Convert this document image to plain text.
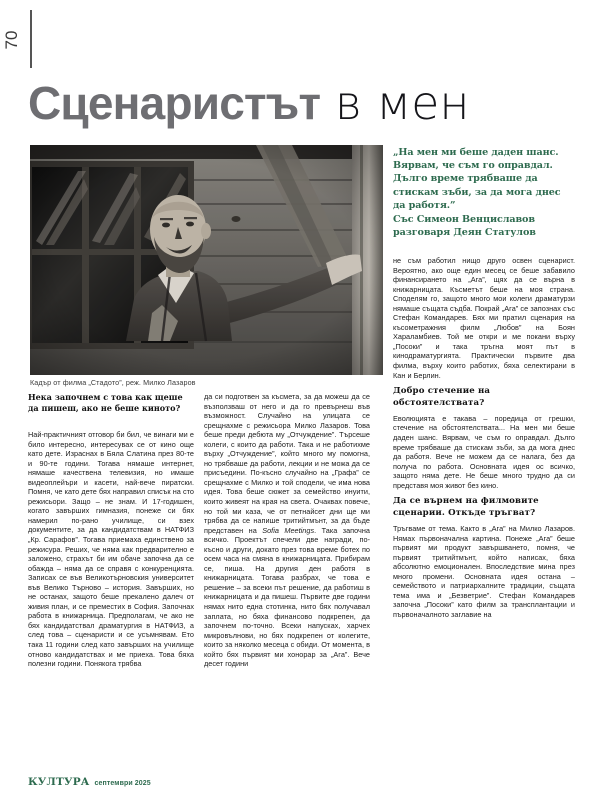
70
Сценаристът в мен
Кадър от филма „Стадото”, реж. Милко Лазаров
„На мен ми беше даден шанс. Вярвам, че съм го оправдал. Дълго време трябваше да стискам зъби, за да мога днес да работя.”
Със Симеон Венциславов разговаря Деян Статулов
Нека започнем с това как щеше да пишеш, ако не беше киното?

Най-практичният отговор би бил, че винаги ми е било интересно, интересувах се от кино още като дете. Израснах в Бяла Слатина през 80-те и 90-те години. Тогава нямаше интернет, нямаше качествена телевизия, но имаше видеоплейъри и касети, най-вече пиратски. Помня, че като дете бях направил списък на сто режисьори. Защо – не знам. И 17-годишен, когато завърших гимназия, понеже си бях намерил по-рано училище, си взех документите, за да кандидатствам в НАТФИЗ „Кр. Сарафов”. Тогава приемаха единствено за режисура. Реших, че няма как предварително е заложено, страхът би им обаче започна да се обажда – няма да се справя с конкуренцията. Записах се във Великотърновския университет във Велико Търново – история. Завърших, но не останах, защото беше прекалено далеч от живия план, и се преместих в София. Започнах работа в книжарница. Предполагам, че ако не бях кандидатствал драматургия в НАТФИЗ, а след това – сценаристи и се усъмнявам. Ето така 11 години след като завърших на училище отново кандидатствах и ме приеха. Това бяха полезни години. Понякога трябва

да си подготвен за късмета, за да можеш да се възползваш от него и да го превърнеш във възможност. Случайно на улицата се срещнахме с режисьора Милко Лазаров. Това беше преди дебюта му „Отчуждение”. Търсеше колеги, с които да работи. Така и не работихме върху „Отчуждение”, който много му помогна, но трябваше да работи, лекции и не можа да се присъедини. По-късно случайно на „Графа” се срещнахме с Милко и той сподели, че има нова идея. Това беше сюжет за семейство инуити, които живеят на края на света. Очаквах повече, но той ми каза, че от петнайсет дни ще ми трябва да се напише тритийтмънт, за да бъде представен на Sofia Meetings. Така започна всичко. Проектът спечели две награди, по-късно и други, докато през това време ботех по осем часа на смяна в книжарницата. Прибирам се, пиша. На другия ден работя в книжарницата. Тогава разбрах, че това е решение – за всеки път решение, да работиш в книжарницата и да пишеш. Първите две години нямах нито една стотинка, нито бях получавал заплата, но бяха финансово подкрепен, да започнем по-точно. Всеки напусках, харчех микровълнови, но бях подкрепен от колегите, които за няколко месеца с обиди. От момента, в който бях първият ми хонорар за „Ага”. Вече десет години

не съм работил нищо друго освен сценарист. Вероятно, ако още един месец се беше забавило финансирането на „Ага”, щях да се върна в книжарницата. Късметът беше на моя страна. Споделям го, защото много мои колеги драматурзи нямаше същата съдба. Покрай „Ага” се запознах със Стефан Командарев. Бях ми пратил сценария на късометражния филм „Любов” на Боян Хараламбиев. Той ме откри и ме покани върху „Посоки” и така тръгна моят път в кинодраматургията. Практически първите два филма, върху които работих, бяха селектирани в Кан и Берлин.

Добро стечение на обстоятелствата?

Еволюцията е такава – поредица от грешки, стечение на обстоятелствата... На мен ми беше даден шанс. Вярвам, че съм го оправдал. Дълго време трябваше да стискам зъби, за да мога днес да работя. Вече не можем да се налага, без да получа по работа. Основната идея ос всичко, защото няма дете. Не беше много трудно да си представя моя живот без кино.

Да се върнем на филмовите сценарии. Откъде тръгват?

Тръгваме от тема. Както в „Ага” на Милко Лазаров. Нямах първоначална картина. Понеже „Ага” беше първият ми продукт завършването, помня, че първият тритийтмънт, който написах, бяха абсолютно емоционален. Впоследствие мина през много промени. Основната идея остана – семейството и патриархалните традиции, същата тема има и „Безветрие”. Стефан Командарев започна „Посоки” като филм за трансплантации и първоначалното заглавие на

КУЛТУРА септември 2025
